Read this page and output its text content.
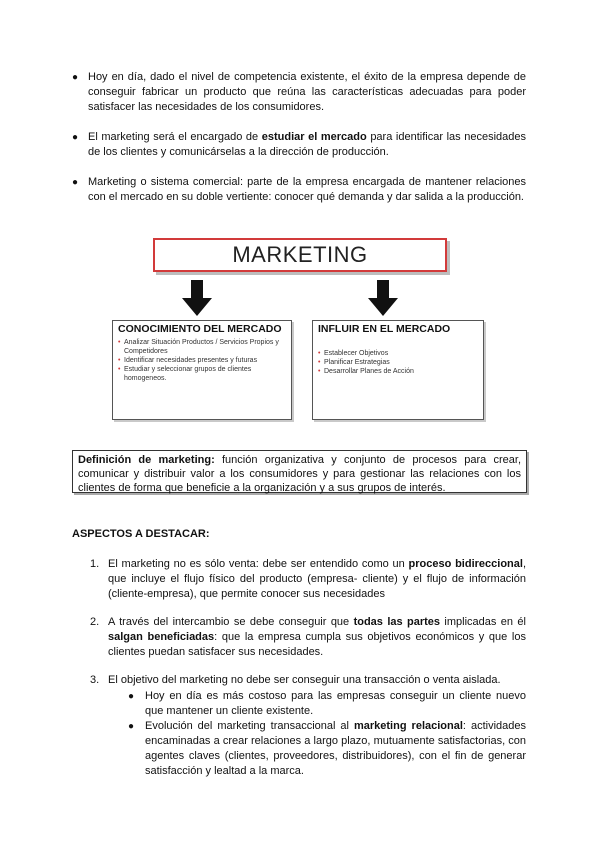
● Hoy en día, dado el nivel de competencia existente, el éxito de la empresa depende de conseguir fabricar un producto que reúna las características adecuadas para poder satisfacer las necesidades de los consumidores.
● El marketing será el encargado de estudiar el mercado para identificar las necesidades de los clientes y comunicárselas a la dirección de producción.
● Marketing o sistema comercial: parte de la empresa encargada de mantener relaciones con el mercado en su doble vertiente: conocer qué demanda y dar salida a la producción.
MARKETING
CONOCIMIENTO DEL MERCADO
• Analizar Situación Productos / Servicios Propios y Competidores
• Identificar necesidades presentes y futuras
• Estudiar y seleccionar grupos de clientes homogeneos.
INFLUIR EN EL MERCADO
• Establecer Objetivos
• Planificar Estrategias
• Desarrollar Planes de Acción
Definición de marketing: función organizativa y conjunto de procesos para crear, comunicar y distribuir valor a los consumidores y para gestionar las relaciones con los clientes de forma que beneficie a la organización y a sus grupos de interés.
ASPECTOS A DESTACAR:
1. El marketing no es sólo venta: debe ser entendido como un proceso bidireccional, que incluye el flujo físico del producto (empresa- cliente) y el flujo de información (cliente-empresa), que permite conocer sus necesidades
2. A través del intercambio se debe conseguir que todas las partes implicadas en él salgan beneficiadas: que la empresa cumpla sus objetivos económicos y que los clientes puedan satisfacer sus necesidades.
3. El objetivo del marketing no debe ser conseguir una transacción o venta aislada.
● Hoy en día es más costoso para las empresas conseguir un cliente nuevo que mantener un cliente existente.
● Evolución del marketing transaccional al marketing relacional: actividades encaminadas a crear relaciones a largo plazo, mutuamente satisfactorias, con agentes claves (clientes, proveedores, distribuidores), con el fin de generar satisfacción y lealtad a la marca.
